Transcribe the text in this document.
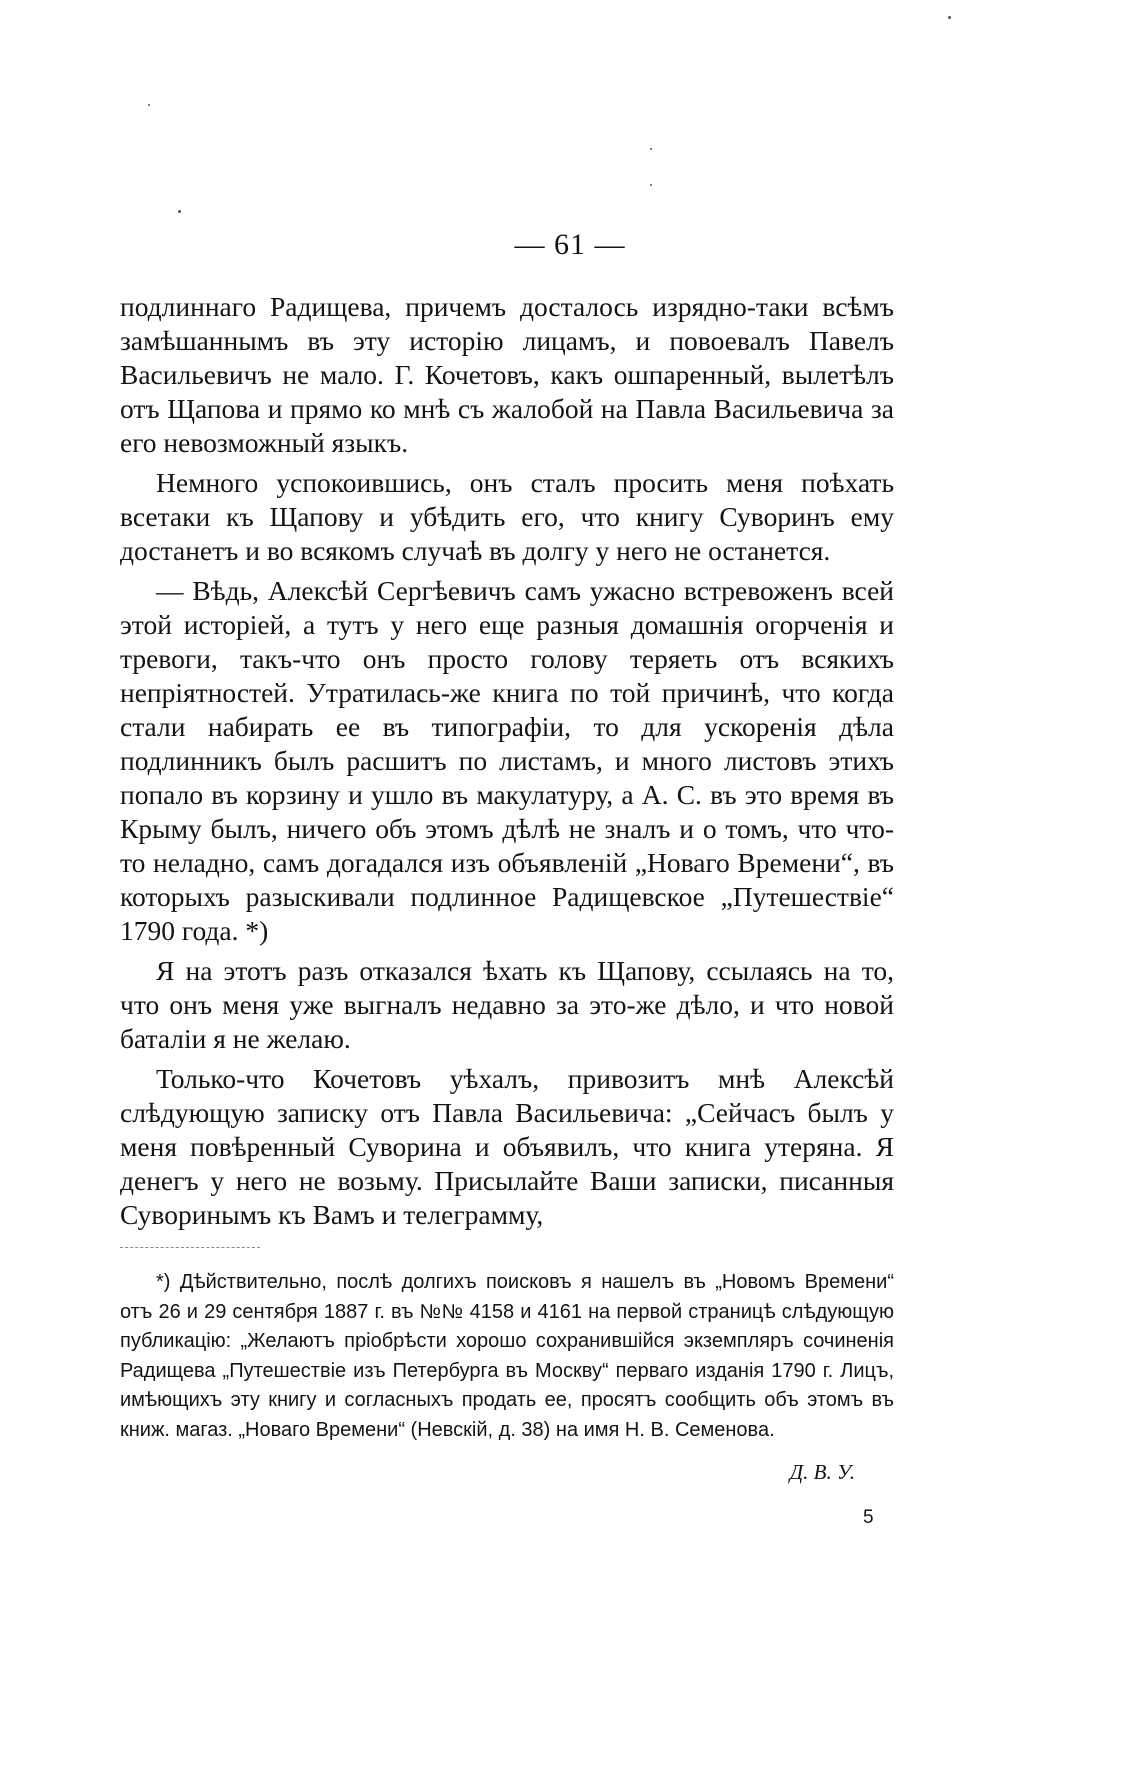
— 61 —

подлиннаго Радищева, причемъ досталось изрядно-таки всѣмъ замѣшаннымъ въ эту исторію лицамъ, и повоевалъ Павелъ Васильевичъ не мало. Г. Кочетовъ, какъ ошпаренный, вылетѣлъ отъ Щапова и прямо ко мнѣ съ жалобой на Павла Васильевича за его невозможный языкъ.

Немного успокоившись, онъ сталъ просить меня поѣхать всетаки къ Щапову и убѣдить его, что книгу Суворинъ ему достанетъ и во всякомъ случаѣ въ долгу у него не останется.

— Вѣдь, Алексѣй Сергѣевичъ самъ ужасно встревоженъ всей этой исторіей, а тутъ у него еще разныя домашнія огорченія и тревоги, такъ-что онъ просто голову теряеть отъ всякихъ непріятностей. Утратилась-же книга по той причинѣ, что когда стали набирать ее въ типографіи, то для ускоренія дѣла подлинникъ былъ расшитъ по листамъ, и много листовъ этихъ попало въ корзину и ушло въ макулатуру, а А. С. въ это время въ Крыму былъ, ничего объ этомъ дѣлѣ не зналъ и о томъ, что что-то неладно, самъ догадался изъ объявленій „Новаго Времени“, въ которыхъ разыскивали подлинное Радищевское „Путешествіе“ 1790 года. *)

Я на этотъ разъ отказался ѣхать къ Щапову, ссылаясь на то, что онъ меня уже выгналъ недавно за это-же дѣло, и что новой баталіи я не желаю.

Только-что Кочетовъ уѣхалъ, привозитъ мнѣ Алексѣй слѣдующую записку отъ Павла Васильевича: „Сейчасъ былъ у меня повѣренный Суворина и объявилъ, что книга утеряна. Я денегъ у него не возьму. Присылайте Ваши записки, писанныя Суворинымъ къ Вамъ и телеграмму,

*) Дѣйствительно, послѣ долгихъ поисковъ я нашелъ въ „Новомъ Времени“ отъ 26 и 29 сентября 1887 г. въ №№ 4158 и 4161 на первой страницѣ слѣдующую публикацію: „Желаютъ пріобрѣсти хорошо сохранившійся экземпляръ сочиненія Радищева „Путешествіе изъ Петербурга въ Москву“ перваго изданія 1790 г. Лицъ, имѣющихъ эту книгу и согласныхъ продать ее, просятъ сообщить объ этомъ въ книж. магаз. „Новаго Времени“ (Невскій, д. 38) на имя Н. В. Семенова.

Д. В. У.
5
